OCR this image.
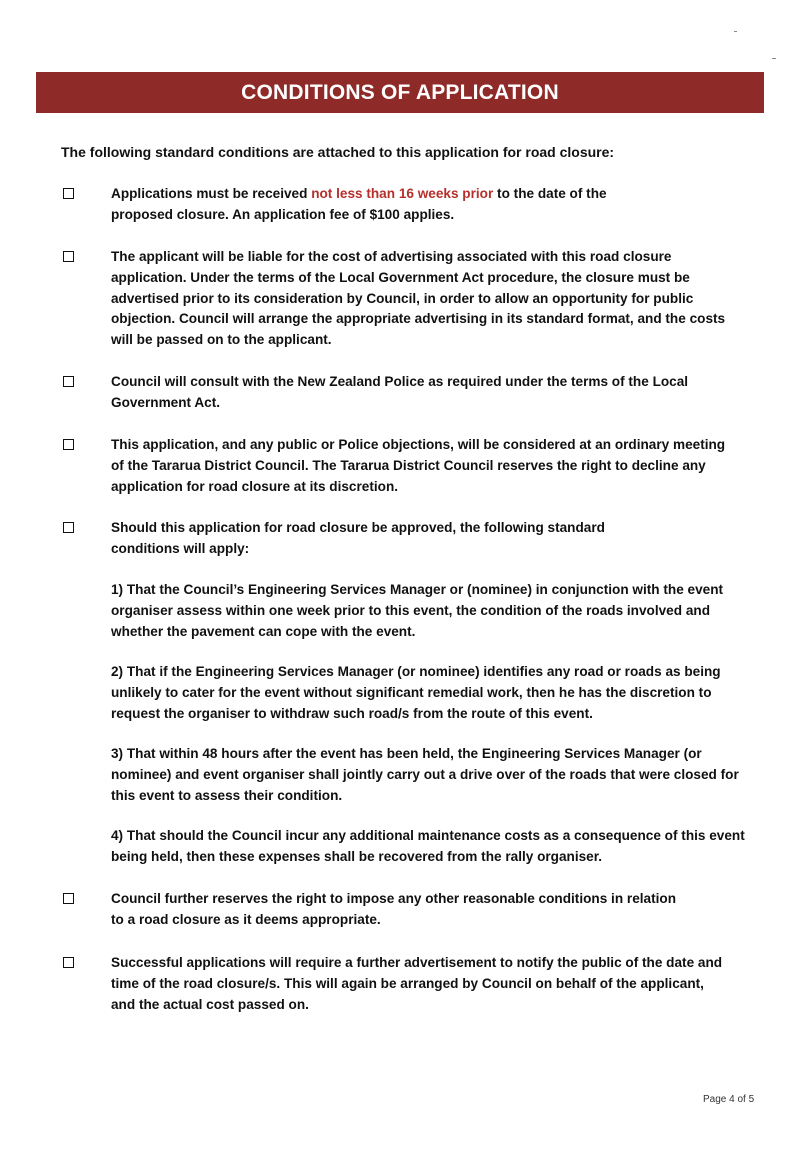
CONDITIONS OF APPLICATION
The following standard conditions are attached to this application for road closure:
Applications must be received not less than 16 weeks prior to the date of the proposed closure. An application fee of $100 applies.
The applicant will be liable for the cost of advertising associated with this road closure application. Under the terms of the Local Government Act procedure, the closure must be advertised prior to its consideration by Council, in order to allow an opportunity for public objection. Council will arrange the appropriate advertising in its standard format, and the costs will be passed on to the applicant.
Council will consult with the New Zealand Police as required under the terms of the Local Government Act.
This application, and any public or Police objections, will be considered at an ordinary meeting of the Tararua District Council. The Tararua District Council reserves the right to decline any application for road closure at its discretion.
Should this application for road closure be approved, the following standard conditions will apply:
1) That the Council’s Engineering Services Manager or (nominee) in conjunction with the event organiser assess within one week prior to this event, the condition of the roads involved and whether the pavement can cope with the event.
2) That if the Engineering Services Manager (or nominee) identifies any road or roads as being unlikely to cater for the event without significant remedial work, then he has the discretion to request the organiser to withdraw such road/s from the route of this event.
3) That within 48 hours after the event has been held, the Engineering Services Manager (or nominee) and event organiser shall jointly carry out a drive over of the roads that were closed for this event to assess their condition.
4) That should the Council incur any additional maintenance costs as a consequence of this event being held, then these expenses shall be recovered from the rally organiser.
Council further reserves the right to impose any other reasonable conditions in relation to a road closure as it deems appropriate.
Successful applications will require a further advertisement to notify the public of the date and time of the road closure/s. This will again be arranged by Council on behalf of the applicant, and the actual cost passed on.
Page 4 of 5
